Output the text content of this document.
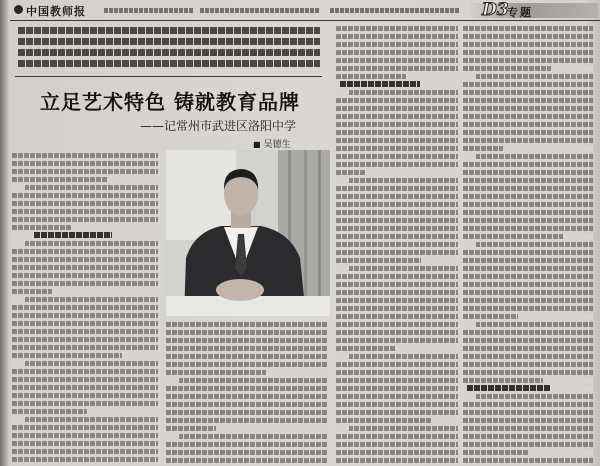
中国教师报	D3
专题
立足艺术特色 铸就教育品牌
——记常州市武进区洛阳中学
■ 吴德生
